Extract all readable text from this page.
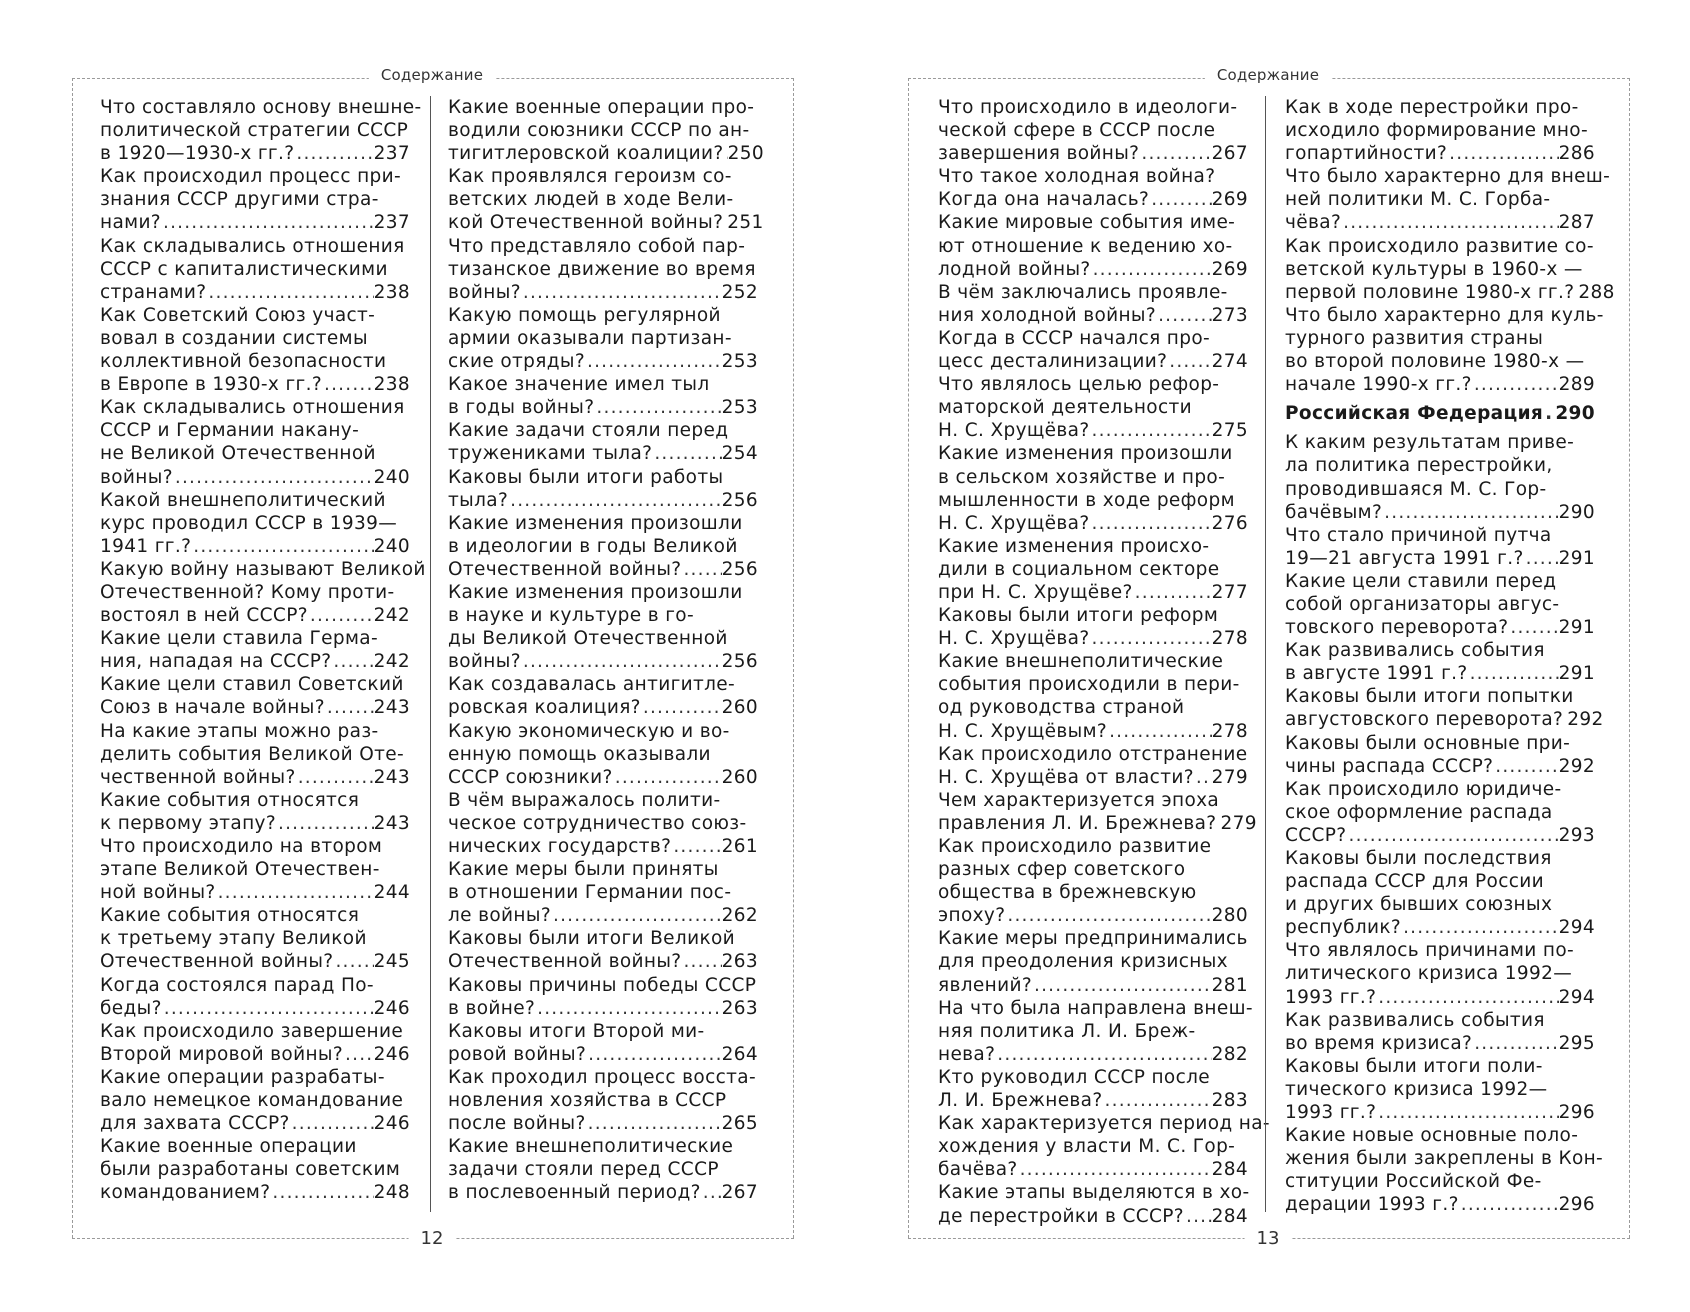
Содержание
Что составляло основу внешне-
политической стратегии СССР
в 1920—1930-х гг.? .....	237
Как происходил процесс при-
знания СССР другими стра-
нами? .....	237
Как складывались отношения
СССР с капиталистическими
странами? .....	238
Как Советский Союз участ-
вовал в создании системы
коллективной безопасности
в Европе в 1930-х гг.? .....	238
Как складывались отношения
СССР и Германии накану-
не Великой Отечественной
войны? .....	240
Какой внешнеполитический
курс проводил СССР в 1939—
1941 гг.? .....	240
Какую войну называют Великой
Отечественной? Кому проти-
востоял в ней СССР? .....	242
Какие цели ставила Герма-
ния, нападая на СССР? ..... 242
Какие цели ставил Советский
Союз в начале войны? .....	243
На какие этапы можно раз-
делить события Великой Оте-
чественной войны? .....	243
Какие события относятся
к первому этапу? .....	243
Что происходило на втором
этапе Великой Отечествен-
ной войны? .....	244
Какие события относятся
к третьему этапу Великой
Отечественной войны? ..... 245
Когда состоялся парад По-
беды? .....	246
Как происходило завершение
Второй мировой войны? ..... 246
Какие операции разрабаты-
вало немецкое командование
для захвата СССР? .....	246
Какие военные операции
были разработаны советским
командованием? .....	248
Какие военные операции про-
водили союзники СССР по ан-
тигитлеровской коалиции? ..... 250
Как проявлялся героизм со-
ветских людей в ходе Вели-
кой Отечественной войны? ..... 251
Что представляло собой пар-
тизанское движение во время
войны? .....	252
Какую помощь регулярной
армии оказывали партизан-
ские отряды? .....	253
Какое значение имел тыл
в годы войны? .....	253
Какие задачи стояли перед
тружениками тыла? .....	254
Каковы были итоги работы
тыла? .....	256
Какие изменения произошли
в идеологии в годы Великой
Отечественной войны? ..... 256
Какие изменения произошли
в науке и культуре в го-
ды Великой Отечественной
войны? .....	256
Как создавалась антигитле-
ровская коалиция? .....	260
Какую экономическую и во-
енную помощь оказывали
СССР союзники? .....	260
В чём выражалось полити-
ческое сотрудничество союз-
нических государств? .....	261
Какие меры были приняты
в отношении Германии пос-
ле войны? .....	262
Каковы были итоги Великой
Отечественной войны? ..... 263
Каковы причины победы СССР
в войне? .....	263
Каковы итоги Второй ми-
ровой войны? .....	264
Как проходил процесс восста-
новления хозяйства в СССР
после войны? .....	265
Какие внешнеполитические
задачи стояли перед СССР
в послевоенный период? ..... 267
12
Содержание
Что происходило в идеологи-
ческой сфере в СССР после
завершения войны? .....	267
Что такое холодная война?
Когда она началась? .....	269
Какие мировые события име-
ют отношение к ведению хо-
лодной войны? .....	269
В чём заключались проявле-
ния холодной войны? .....	273
Когда в СССР начался про-
цесс десталинизации? ..... 274
Что являлось целью рефор-
маторской деятельности
Н. С. Хрущёва? .....	275
Какие изменения произошли
в сельском хозяйстве и про-
мышленности в ходе реформ
Н. С. Хрущёва? .....	276
Какие изменения происхо-
дили в социальном секторе
при Н. С. Хрущёве? .....	277
Каковы были итоги реформ
Н. С. Хрущёва? .....	278
Какие внешнеполитические
события происходили в пери-
од руководства страной
Н. С. Хрущёвым? .....	278
Как происходило отстранение
Н. С. Хрущёва от власти? ..... 279
Чем характеризуется эпоха
правления Л. И. Брежнева? ..... 279
Как происходило развитие
разных сфер советского
общества в брежневскую
эпоху? .....	280
Какие меры предпринимались
для преодоления кризисных
явлений? .....	281
На что была направлена внеш-
няя политика Л. И. Бреж-
нева? .....	282
Кто руководил СССР после
Л. И. Брежнева? .....	283
Как характеризуется период на-
хождения у власти М. С. Гор-
бачёва? .....	284
Какие этапы выделяются в хо-
де перестройки в СССР? ..... 284
Как в ходе перестройки про-
исходило формирование мно-
гопартийности? .....	286
Что было характерно для внеш-
ней политики М. С. Горба-
чёва? .....	287
Как происходило развитие со-
ветской культуры в 1960-х —
первой половине 1980-х гг.? ..... 288
Что было характерно для куль-
турного развития страны
во второй половине 1980-х —
начале 1990-х гг.? .....	289
Российская Федерация ..... 290
К каким результатам приве-
ла политика перестройки,
проводившаяся М. С. Гор-
бачёвым? .....	290
Что стало причиной путча
19—21 августа 1991 г.? ..... 291
Какие цели ставили перед
собой организаторы авгус-
товского переворота? .....	291
Как развивались события
в августе 1991 г.? .....	291
Каковы были итоги попытки
августовского переворота? ..... 292
Каковы были основные при-
чины распада СССР? .....	292
Как происходило юридиче-
ское оформление распада
СССР? .....	293
Каковы были последствия
распада СССР для России
и других бывших союзных
республик? .....	294
Что являлось причинами по-
литического кризиса 1992—
1993 гг.? .....	294
Как развивались события
во время кризиса? .....	295
Каковы были итоги поли-
тического кризиса 1992—
1993 гг.? .....	296
Какие новые основные поло-
жения были закреплены в Кон-
ституции Российской Фе-
дерации 1993 г.? .....	296
13
